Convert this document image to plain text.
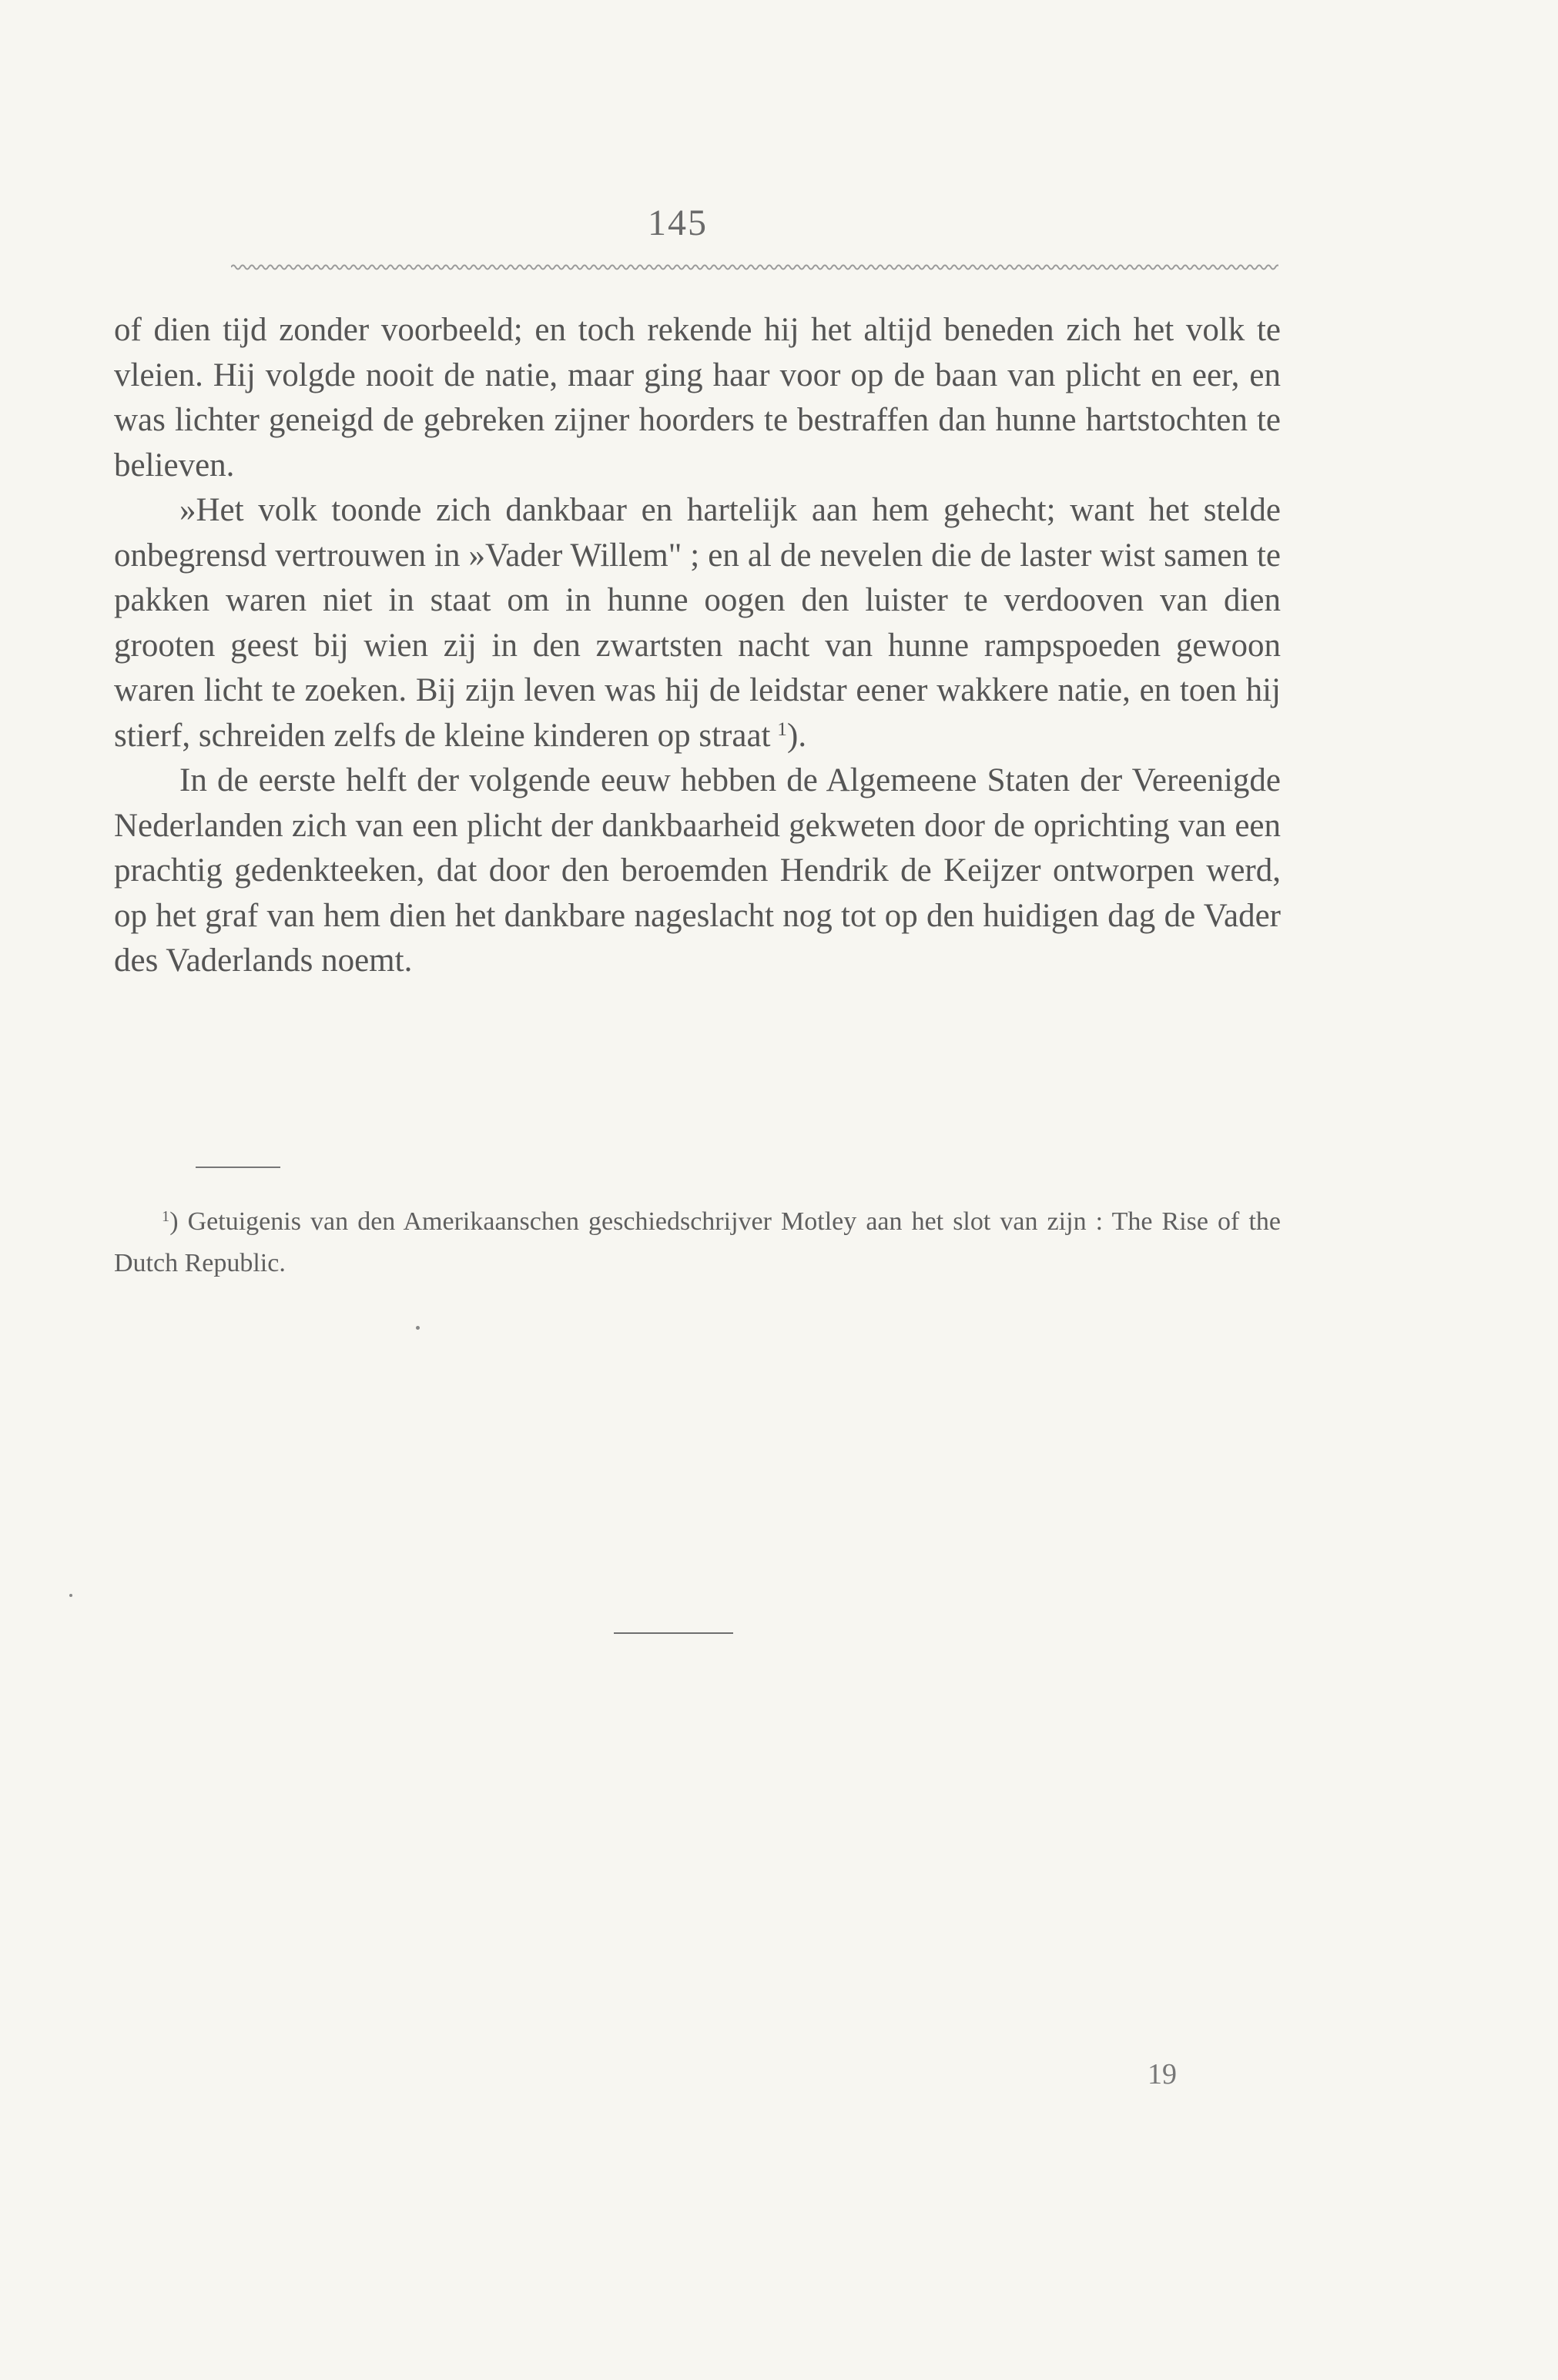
145

of dien tijd zonder voorbeeld; en toch rekende hij het altijd beneden zich het volk te vleien. Hij volgde nooit de natie, maar ging haar voor op de baan van plicht en eer, en was lichter geneigd de gebreken zijner hoorders te bestraffen dan hunne hartstochten te believen.

»Het volk toonde zich dankbaar en hartelijk aan hem gehecht; want het stelde onbegrensd vertrouwen in »Vader Willem" ; en al de nevelen die de laster wist samen te pakken waren niet in staat om in hunne oogen den luister te verdooven van dien grooten geest bij wien zij in den zwartsten nacht van hunne rampspoeden gewoon waren licht te zoeken. Bij zijn leven was hij de leidstar eener wakkere natie, en toen hij stierf, schreiden zelfs de kleine kinderen op straat  $^1$).

In de eerste helft der volgende eeuw hebben de Algemeene Staten der Vereenigde Nederlanden zich van een plicht der dankbaarheid gekweten door de oprichting van een prachtig gedenkteeken, dat door den beroemden Hendrik de Keijzer ontworpen werd, op het graf van hem dien het dankbare nageslacht nog tot op den huidigen dag de Vader des Vaderlands noemt.

$^1$) Getuigenis van den Amerikaanschen geschiedschrijver Motley aan het slot van zijn : The Rise of the Dutch Republic.

19
